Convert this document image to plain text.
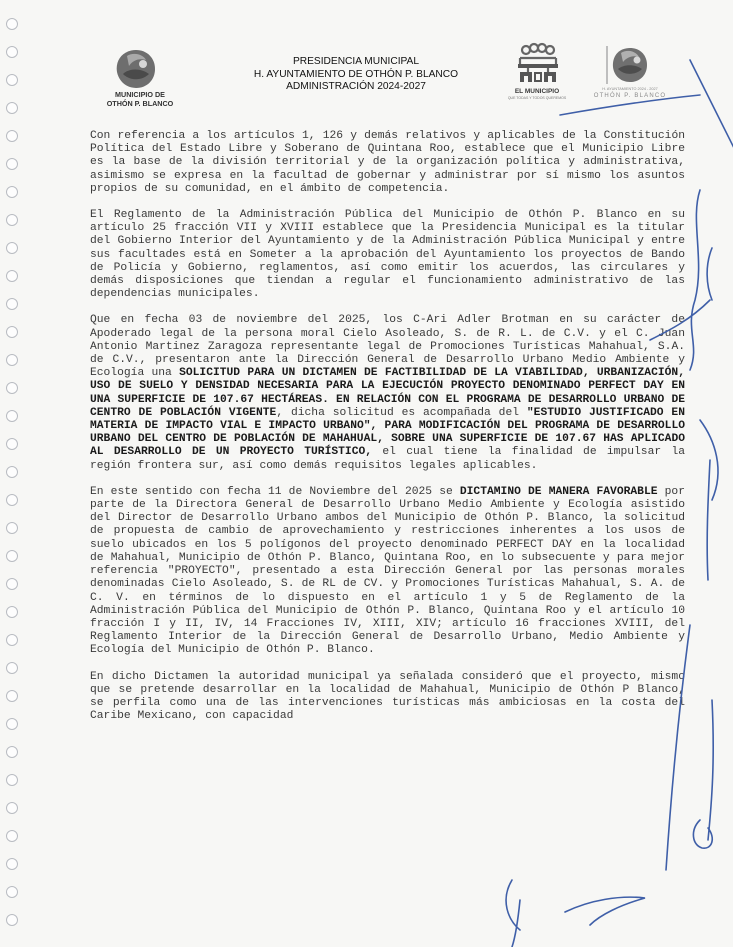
MUNICIPIO DE
OTHÓN P. BLANCO
PRESIDENCIA MUNICIPAL
H. AYUNTAMIENTO DE OTHÓN P. BLANCO
ADMINISTRACIÓN 2024-2027	EL MUNICIPIO
QUE TODAS Y TODOS QUEREMOS
H. AYUNTAMIENTO 2024 - 2027
OTHÓN P. BLANCO

Con referencia a los artículos 1, 126 y demás relativos y aplicables de la Constitución Política del Estado Libre y Soberano de Quintana Roo, establece que el Municipio Libre es la base de la división territorial y de la organización política y administrativa, asimismo se expresa en la facultad de gobernar y administrar por sí mismo los asuntos propios de su comunidad, en el ámbito de competencia.

El Reglamento de la Administración Pública del Municipio de Othón P. Blanco en su artículo 25 fracción VII y XVIII establece que la Presidencia Municipal es la titular del Gobierno Interior del Ayuntamiento y de la Administración Pública Municipal y entre sus facultades está en Someter a la aprobación del Ayuntamiento los proyectos de Bando de Policía y Gobierno, reglamentos, así como emitir los acuerdos, las circulares y demás disposiciones que tiendan a regular el funcionamiento administrativo de las dependencias municipales.

Que en fecha 03 de noviembre del 2025, los C-Ari Adler Brotman en su carácter de Apoderado legal de la persona moral Cielo Asoleado, S. de R. L. de C.V. y el C. Juan Antonio Martinez Zaragoza representante legal de Promociones Turísticas Mahahual, S.A. de C.V., presentaron ante la Dirección General de Desarrollo Urbano Medio Ambiente y Ecología una SOLICITUD PARA UN DICTAMEN DE FACTIBILIDAD DE LA VIABILIDAD, URBANIZACIÓN, USO DE SUELO Y DENSIDAD NECESARIA PARA LA EJECUCIÓN PROYECTO DENOMINADO PERFECT DAY EN UNA SUPERFICIE DE 107.67 HECTÁREAS. EN RELACIÓN CON EL PROGRAMA DE DESARROLLO URBANO DE CENTRO DE POBLACIÓN VIGENTE, dicha solicitud es acompañada del "ESTUDIO JUSTIFICADO EN MATERIA DE IMPACTO VIAL E IMPACTO URBANO", PARA MODIFICACIÓN DEL PROGRAMA DE DESARROLLO URBANO DEL CENTRO DE POBLACIÓN DE MAHAHUAL, SOBRE UNA SUPERFICIE DE 107.67 HAS APLICADO AL DESARROLLO DE UN PROYECTO TURÍSTICO, el cual tiene la finalidad de impulsar la región frontera sur, así como demás requisitos legales aplicables.

En este sentido con fecha 11 de Noviembre del 2025 se DICTAMINO DE MANERA FAVORABLE por parte de la Directora General de Desarrollo Urbano Medio Ambiente y Ecología asistido del Director de Desarrollo Urbano ambos del Municipio de Othón P. Blanco, la solicitud de propuesta de cambio de aprovechamiento y restricciones inherentes a los usos de suelo ubicados en los 5 polígonos del proyecto denominado PERFECT DAY en la localidad de Mahahual, Municipio de Othón P. Blanco, Quintana Roo, en lo subsecuente y para mejor referencia "PROYECTO", presentado a esta Dirección General por las personas morales denominadas Cielo Asoleado, S. de RL de CV. y Promociones Turísticas Mahahual, S. A. de C. V. en términos de lo dispuesto en el artículo 1 y 5 de Reglamento de la Administración Pública del Municipio de Othón P. Blanco, Quintana Roo y el artículo 10 fracción I y II, IV, 14 Fracciones IV, XIII, XIV; artículo 16 fracciones XVIII, del Reglamento Interior de la Dirección General de Desarrollo Urbano, Medio Ambiente y Ecología del Municipio de Othón P. Blanco.

En dicho Dictamen la autoridad municipal ya señalada consideró que el proyecto, mismo que se pretende desarrollar en la localidad de Mahahual, Municipio de Othón P Blanco, se perfila como una de las intervenciones turísticas más ambiciosas en la costa del Caribe Mexicano, con capacidad
